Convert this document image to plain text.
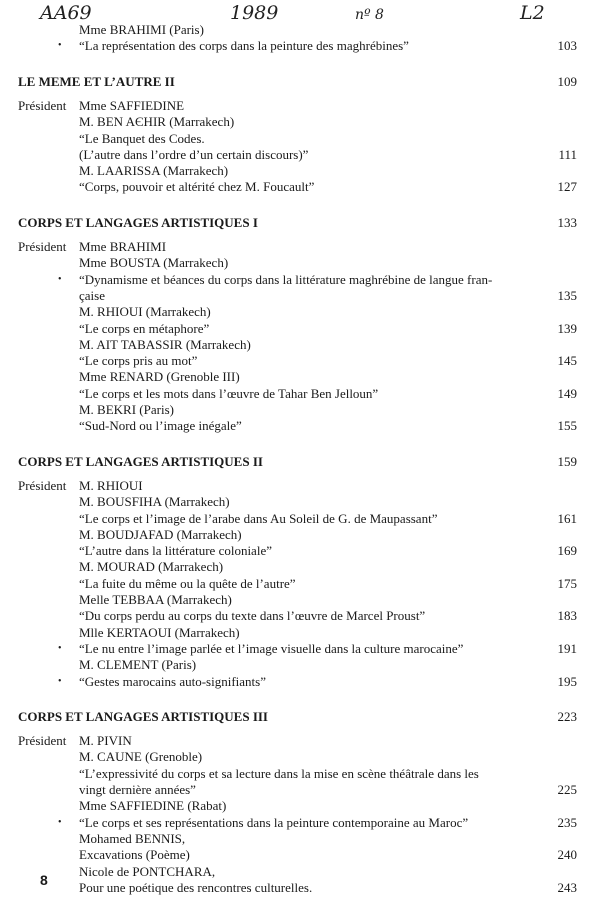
AA69	1989	nº 8	L2
Mme BRAHIMI (Paris)
• “La représentation des corps dans la peinture des maghrébines”	103
LE MEME ET L’AUTRE II	109
Président Mme SAFFIEDINE
M. BEN AЄHIR (Marrakech)
“Le Banquet des Codes.
(L’autre dans l’ordre d’un certain discours)”	111
M. LAARISSA (Marrakech)
“Corps, pouvoir et altérité chez M. Foucault”	127
CORPS ET LANGAGES ARTISTIQUES I	133
Président Mme BRAHIMI
Mme BOUSTA (Marrakech)
• “Dynamisme et béances du corps dans la littérature maghrébine de langue fran-
çaise	135
M. RHIOUI (Marrakech)
“Le corps en métaphore”	139
M. AIT TABASSIR (Marrakech)
“Le corps pris au mot”	145
Mme RENARD (Grenoble III)
“Le corps et les mots dans l’œuvre de Tahar Ben Jelloun”	149
M. BEKRI (Paris)
“Sud-Nord ou l’image inégale”	155
CORPS ET LANGAGES ARTISTIQUES II	159
Président M. RHIOUI
M. BOUSFIHA (Marrakech)
“Le corps et l’image de l’arabe dans Au Soleil de G. de Maupassant”	161
M. BOUDJAFAD (Marrakech)
“L’autre dans la littérature coloniale”	169
M. MOURAD (Marrakech)
“La fuite du même ou la quête de l’autre”	175
Melle TEBBAA (Marrakech)
“Du corps perdu au corps du texte dans l’œuvre de Marcel Proust”	183
Mlle KERTAOUI (Marrakech)
• “Le nu entre l’image parlée et l’image visuelle dans la culture marocaine”	191
M. CLEMENT (Paris)
• “Gestes marocains auto-signifiants”	195
CORPS ET LANGAGES ARTISTIQUES III	223
Président M. PIVIN
M. CAUNE (Grenoble)
“L’expressivité du corps et sa lecture dans la mise en scène théâtrale dans les
vingt dernière années”	225
Mme SAFFIEDINE (Rabat)
• “Le corps et ses représentations dans la peinture contemporaine au Maroc”	235
Mohamed BENNIS,
Excavations (Poème)	240
Nicole de PONTCHARA,
Pour une poétique des rencontres culturelles.	243
8
